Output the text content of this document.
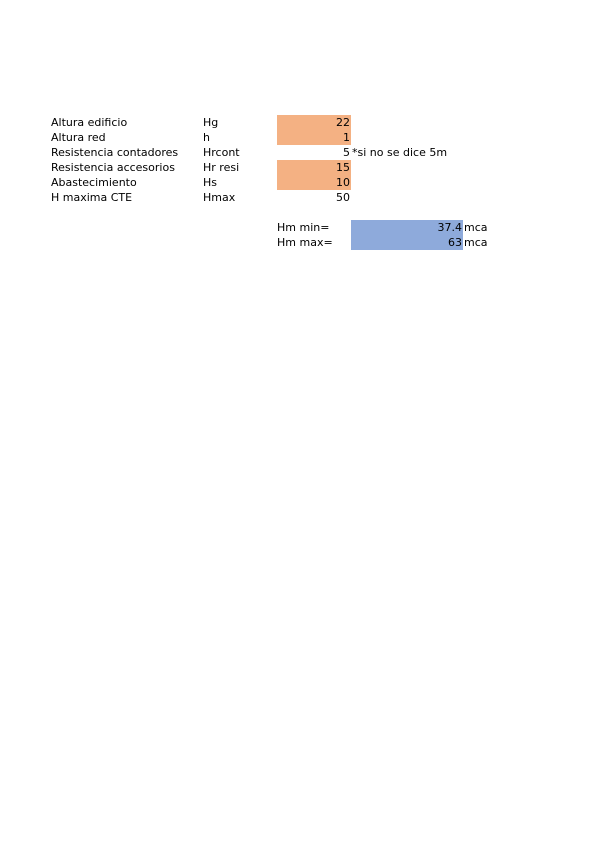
Altura edificio	Hg	22
Altura red	h	1
Resistencia contadores	Hrcont	5 *si no se dice 5m
Resistencia accesorios	Hr resi	15
Abastecimiento	Hs	10
H maxima CTE	Hmax	50
Hm min=	37.4 mca
Hm max=	63 mca
